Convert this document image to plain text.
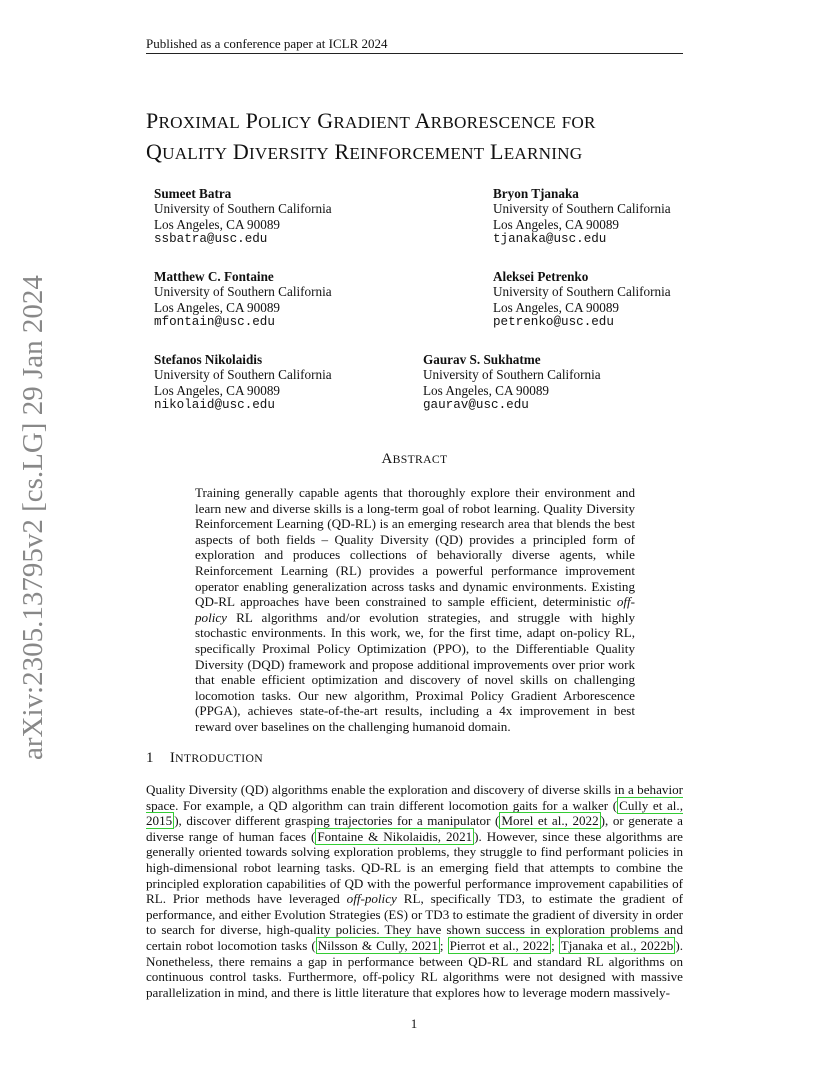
Published as a conference paper at ICLR 2024
PROXIMAL POLICY GRADIENT ARBORESCENCE FOR
QUALITY DIVERSITY REINFORCEMENT LEARNING
Sumeet Batra
University of Southern California
Los Angeles, CA 90089
ssbatra@usc.edu
Bryon Tjanaka
University of Southern California
Los Angeles, CA 90089
tjanaka@usc.edu
Matthew C. Fontaine
University of Southern California
Los Angeles, CA 90089
mfontain@usc.edu
Aleksei Petrenko
University of Southern California
Los Angeles, CA 90089
petrenko@usc.edu
Stefanos Nikolaidis
University of Southern California
Los Angeles, CA 90089
nikolaid@usc.edu
Gaurav S. Sukhatme
University of Southern California
Los Angeles, CA 90089
gaurav@usc.edu
ABSTRACT
Training generally capable agents that thoroughly explore their environment and learn new and diverse skills is a long-term goal of robot learning. Quality Diversity Reinforcement Learning (QD-RL) is an emerging research area that blends the best aspects of both fields – Quality Diversity (QD) provides a principled form of exploration and produces collections of behaviorally diverse agents, while Reinforcement Learning (RL) provides a powerful performance improvement operator enabling generalization across tasks and dynamic environments. Existing QD-RL approaches have been constrained to sample efficient, deterministic off-policy RL algorithms and/or evolution strategies, and struggle with highly stochastic environments. In this work, we, for the first time, adapt on-policy RL, specifically Proximal Policy Optimization (PPO), to the Differentiable Quality Diversity (DQD) framework and propose additional improvements over prior work that enable efficient optimization and discovery of novel skills on challenging locomotion tasks. Our new algorithm, Proximal Policy Gradient Arborescence (PPGA), achieves state-of-the-art results, including a 4x improvement in best reward over baselines on the challenging humanoid domain.
1 INTRODUCTION
Quality Diversity (QD) algorithms enable the exploration and discovery of diverse skills in a behavior space. For example, a QD algorithm can train different locomotion gaits for a walker ( Cully et al., 2015 ), discover different grasping trajectories for a manipulator ( Morel et al., 2022 ), or generate a diverse range of human faces ( Fontaine & Nikolaidis, 2021 ). However, since these algorithms are generally oriented towards solving exploration problems, they struggle to find performant policies in high-dimensional robot learning tasks. QD-RL is an emerging field that attempts to combine the principled exploration capabilities of QD with the powerful performance improvement capabilities of RL. Prior methods have leveraged off-policy RL, specifically TD3, to estimate the gradient of performance, and either Evolution Strategies (ES) or TD3 to estimate the gradient of diversity in order to search for diverse, high-quality policies. They have shown success in exploration problems and certain robot locomotion tasks ( Nilsson & Cully, 2021 ; Pierrot et al., 2022 ; Tjanaka et al., 2022b ). Nonetheless, there remains a gap in performance between QD-RL and standard RL algorithms on continuous control tasks. Furthermore, off-policy RL algorithms were not designed with massive parallelization in mind, and there is little literature that explores how to leverage modern massively-
arXiv:2305.13795v2 [cs.LG] 29 Jan 2024
1
